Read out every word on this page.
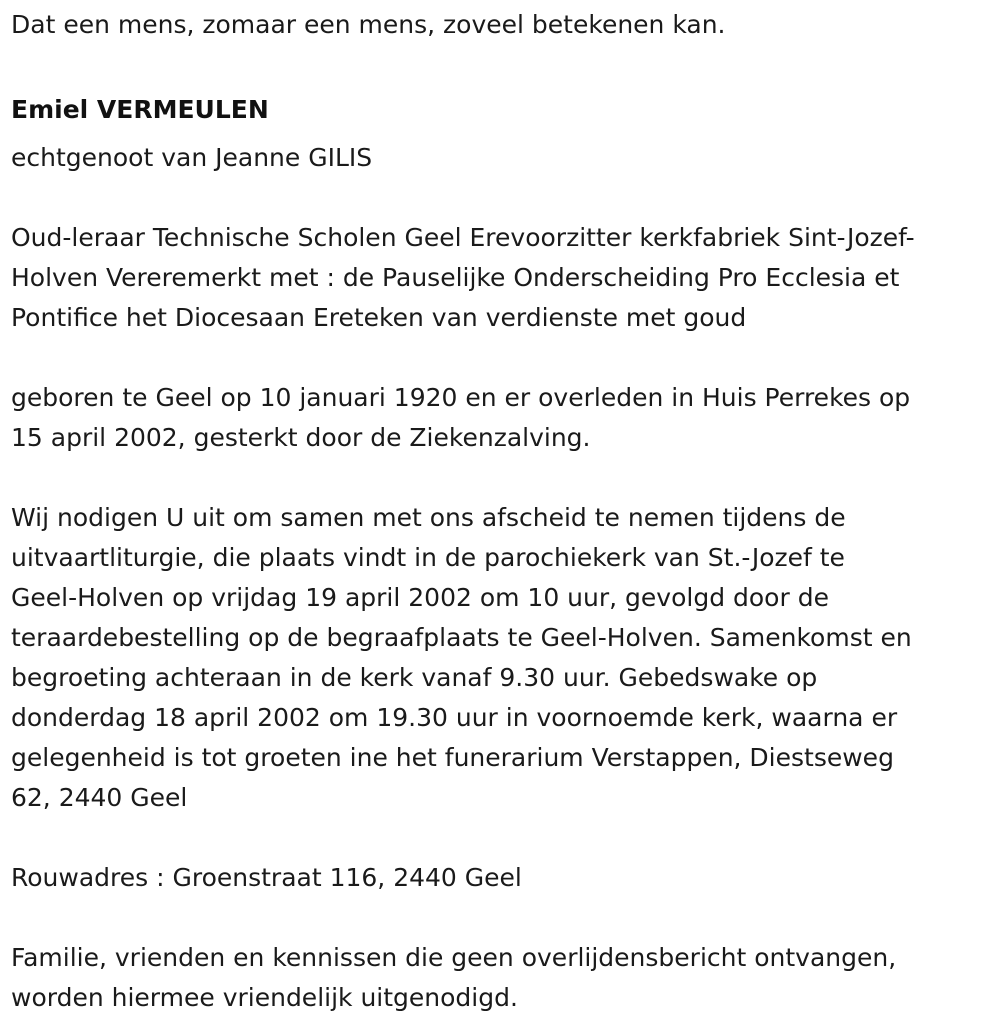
Dat een mens, zomaar een mens, zoveel betekenen kan.

Emiel VERMEULEN

echtgenoot van Jeanne GILIS

Oud-leraar Technische Scholen Geel Erevoorzitter kerkfabriek Sint-Jozef-

Holven Vereremerkt met : de Pauselijke Onderscheiding Pro Ecclesia et

Pontifice het Diocesaan Ereteken van verdienste met goud

geboren te Geel op 10 januari 1920 en er overleden in Huis Perrekes op

15 april 2002, gesterkt door de Ziekenzalving.

Wij nodigen U uit om samen met ons afscheid te nemen tijdens de

uitvaartliturgie, die plaats vindt in de parochiekerk van St.-Jozef te

Geel-Holven op vrijdag 19 april 2002 om 10 uur, gevolgd door de

teraardebestelling op de begraafplaats te Geel-Holven. Samenkomst en

begroeting achteraan in de kerk vanaf 9.30 uur. Gebedswake op

donderdag 18 april 2002 om 19.30 uur in voornoemde kerk, waarna er

gelegenheid is tot groeten ine het funerarium Verstappen, Diestseweg

62, 2440 Geel

Rouwadres : Groenstraat 116, 2440 Geel

Familie, vrienden en kennissen die geen overlijdensbericht ontvangen,

worden hiermee vriendelijk uitgenodigd.
